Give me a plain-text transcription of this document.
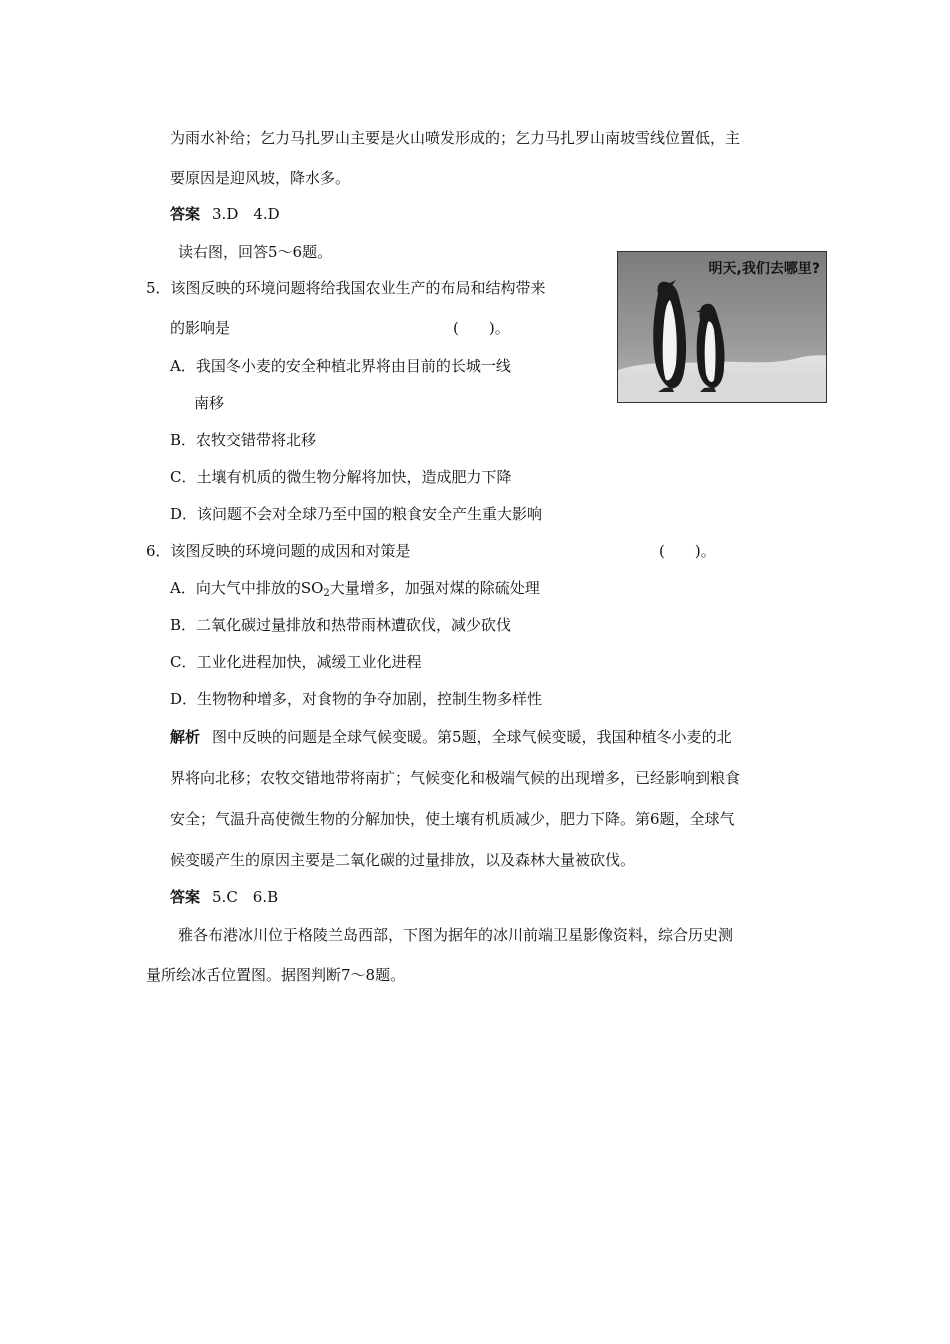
为雨水补给；乞力马扎罗山主要是火山喷发形成的；乞力马扎罗山南坡雪线位置低，主
要原因是迎风坡，降水多。
答案 3.D　4.D
读右图，回答5～6题。
5．该图反映的环境问题将给我国农业生产的布局和结构带来
的影响是	(　　)。
A．我国冬小麦的安全种植北界将由目前的长城一线
南移
B．农牧交错带将北移
C．土壤有机质的微生物分解将加快，造成肥力下降
D．该问题不会对全球乃至中国的粮食安全产生重大影响
6．该图反映的环境问题的成因和对策是	(　　)。
A．向大气中排放的$SO_2$大量增多，加强对煤的除硫处理
B．二氧化碳过量排放和热带雨林遭砍伐，减少砍伐
C．工业化进程加快，减缓工业化进程
D．生物物种增多，对食物的争夺加剧，控制生物多样性
解析 图中反映的问题是全球气候变暖。第5题，全球气候变暖，我国种植冬小麦的北
界将向北移；农牧交错地带将南扩；气候变化和极端气候的出现增多，已经影响到粮食
安全；气温升高使微生物的分解加快，使土壤有机质减少，肥力下降。第6题，全球气
候变暖产生的原因主要是二氧化碳的过量排放，以及森林大量被砍伐。
答案 5.C　6.B
雅各布港冰川位于格陵兰岛西部，下图为据年的冰川前端卫星影像资料，综合历史测
量所绘冰舌位置图。据图判断7～8题。
明天,我们去哪里?
